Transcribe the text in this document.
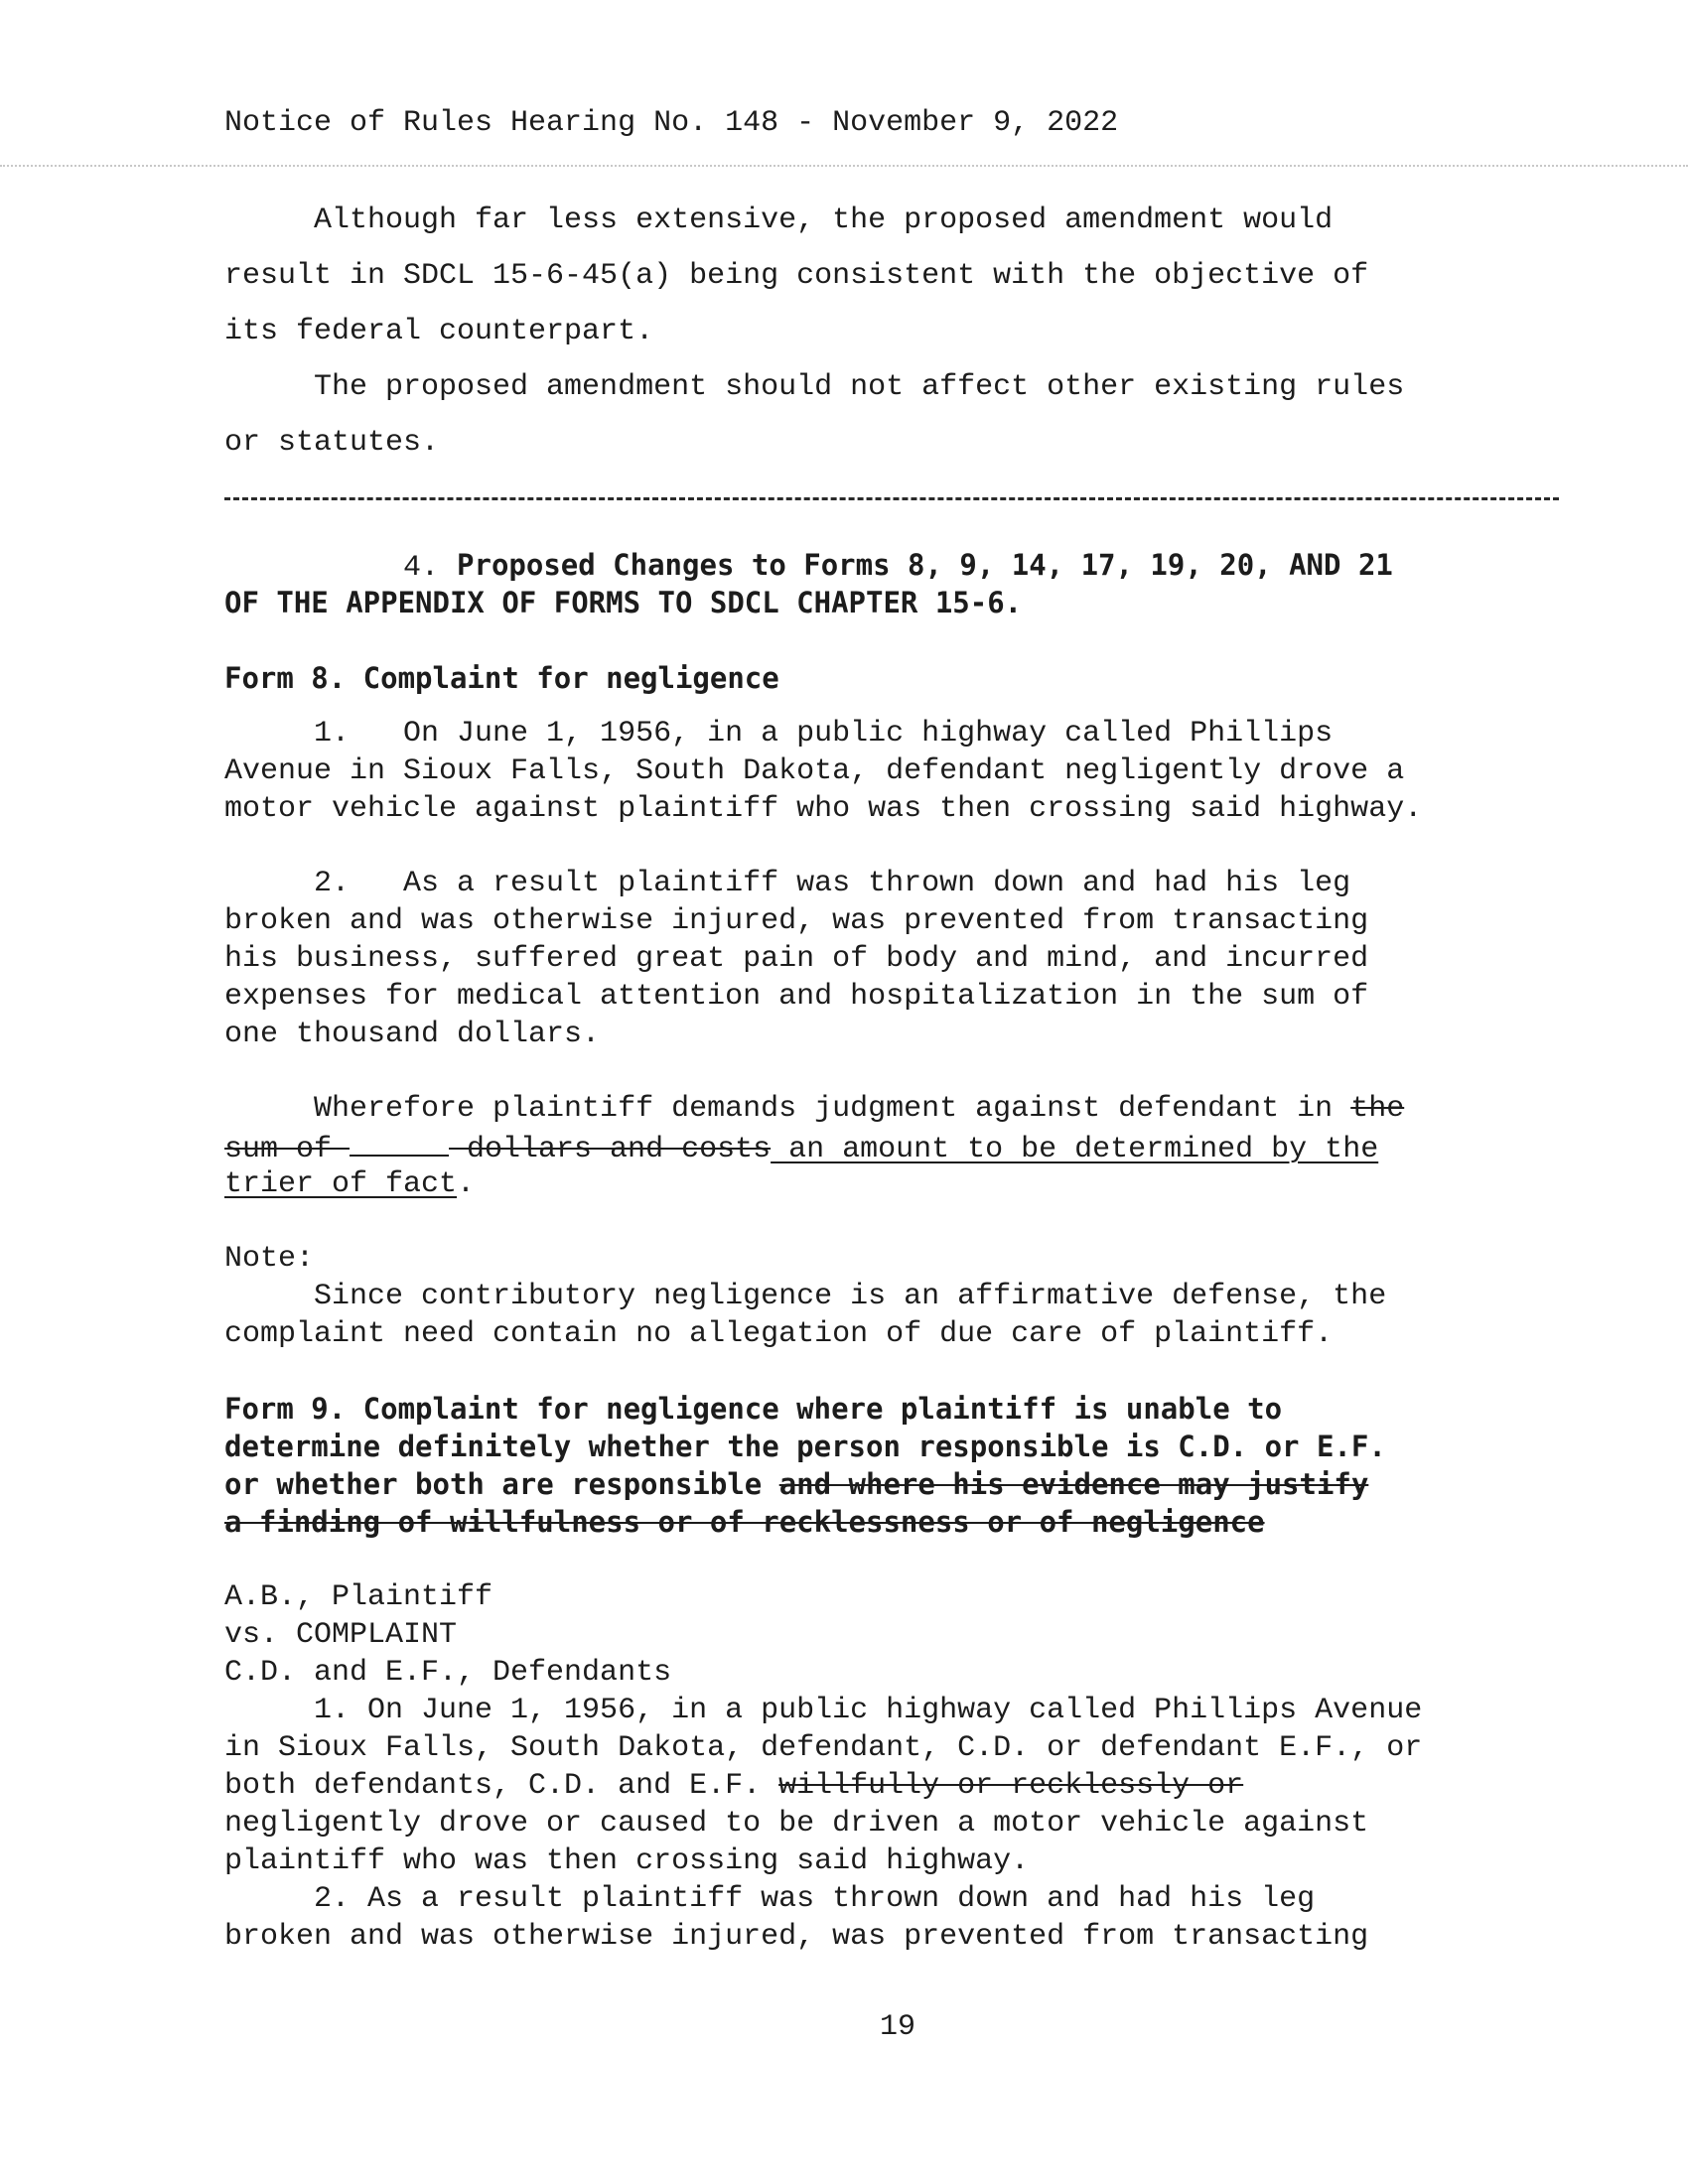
Notice of Rules Hearing No. 148 - November 9, 2022
Although far less extensive, the proposed amendment would
result in SDCL 15-6-45(a) being consistent with the objective of
its federal counterpart.
The proposed amendment should not affect other existing rules
or statutes.
4. Proposed Changes to Forms 8, 9, 14, 17, 19, 20, AND 21
OF THE APPENDIX OF FORMS TO SDCL CHAPTER 15-6.
Form 8. Complaint for negligence
1.   On June 1, 1956, in a public highway called Phillips
Avenue in Sioux Falls, South Dakota, defendant negligently drove a
motor vehicle against plaintiff who was then crossing said highway.
2.   As a result plaintiff was thrown down and had his leg
broken and was otherwise injured, was prevented from transacting
his business, suffered great pain of body and mind, and incurred
expenses for medical attention and hospitalization in the sum of
one thousand dollars.
Wherefore plaintiff demands judgment against defendant in the
sum of	dollars and costs an amount to be determined by the
trier of fact.
Note:
Since contributory negligence is an affirmative defense, the
complaint need contain no allegation of due care of plaintiff.
Form 9. Complaint for negligence where plaintiff is unable to
determine definitely whether the person responsible is C.D. or E.F.
or whether both are responsible and where his evidence may justify
a finding of willfulness or of recklessness or of negligence
A.B., Plaintiff
vs. COMPLAINT
C.D. and E.F., Defendants
1. On June 1, 1956, in a public highway called Phillips Avenue
in Sioux Falls, South Dakota, defendant, C.D. or defendant E.F., or
both defendants, C.D. and E.F. willfully or recklessly or
negligently drove or caused to be driven a motor vehicle against
plaintiff who was then crossing said highway.
2. As a result plaintiff was thrown down and had his leg
broken and was otherwise injured, was prevented from transacting
19
